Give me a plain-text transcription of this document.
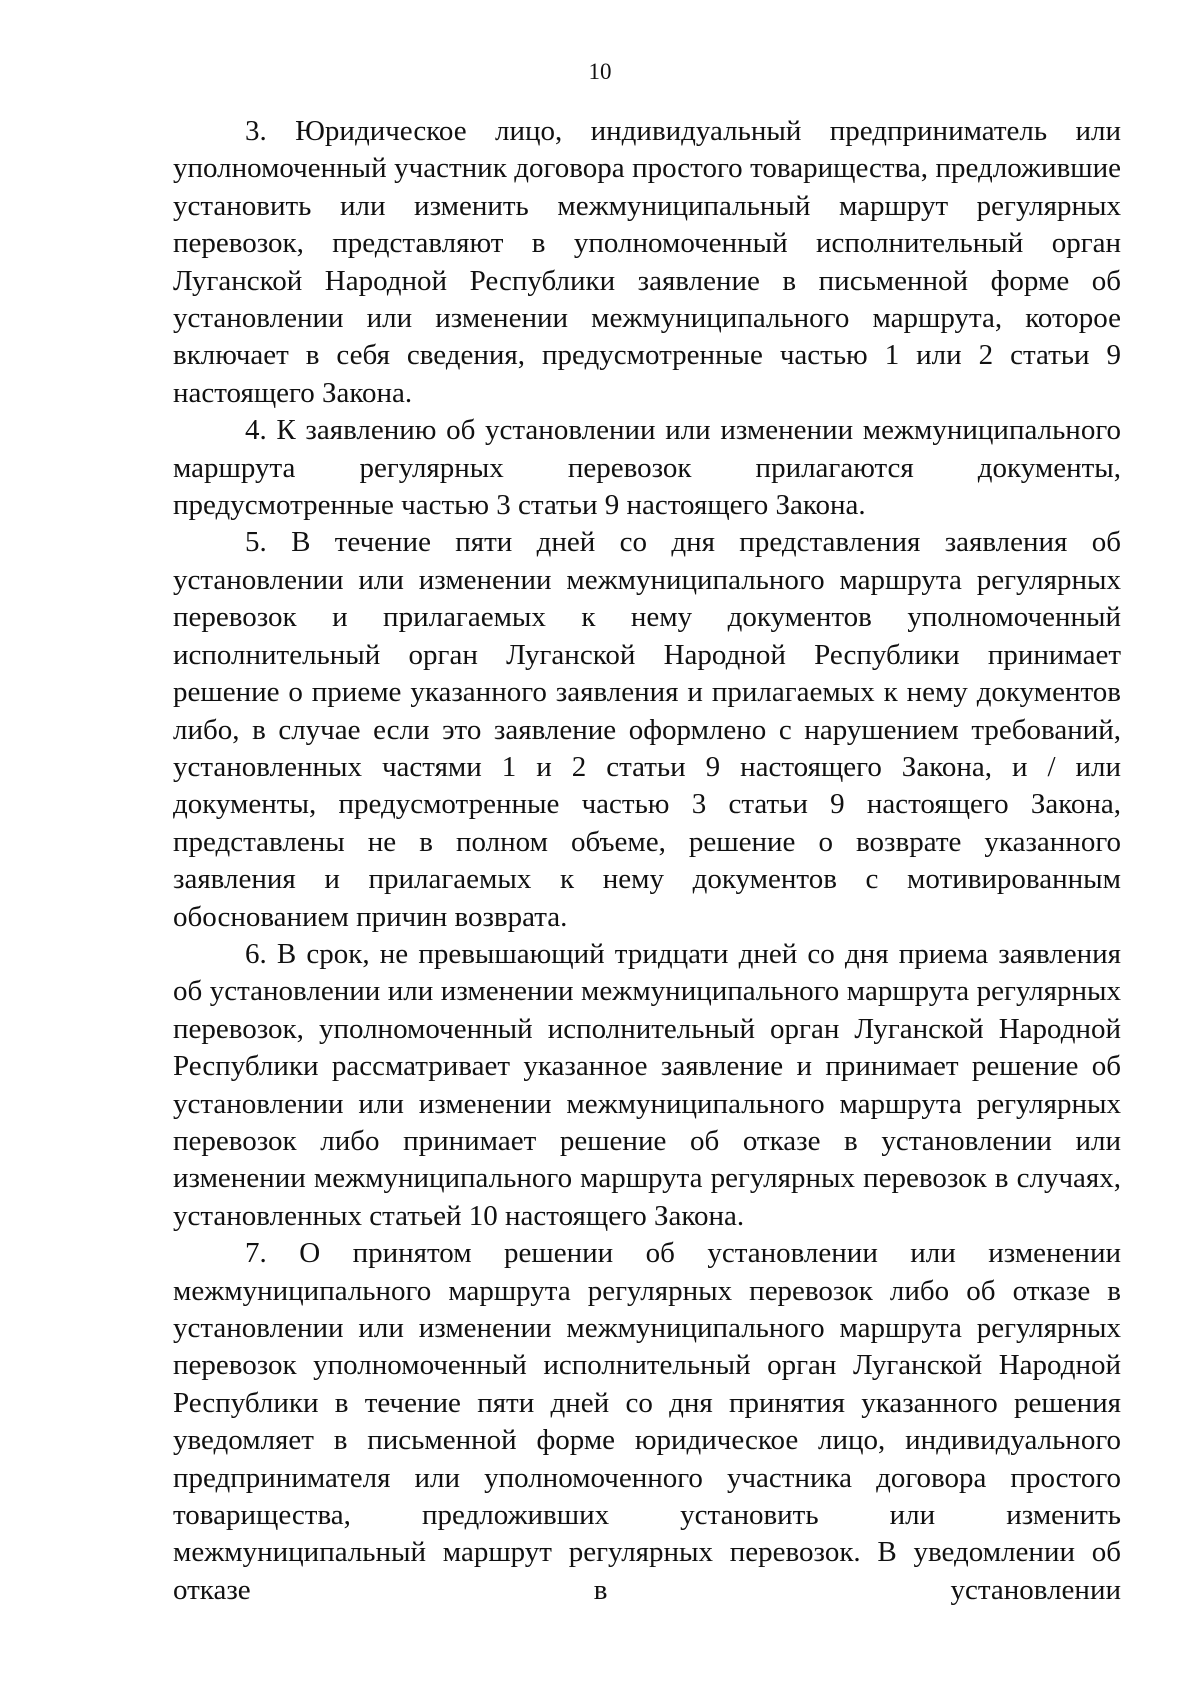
10

3. Юридическое лицо, индивидуальный предприниматель или уполномоченный участник договора простого товарищества, предложившие установить или изменить межмуниципальный маршрут регулярных перевозок, представляют в уполномоченный исполнительный орган Луганской Народной Республики заявление в письменной форме об установлении или изменении межмуниципального маршрута, которое включает в себя сведения, предусмотренные частью 1 или 2 статьи 9 настоящего Закона.

4. К заявлению об установлении или изменении межмуниципального маршрута регулярных перевозок прилагаются документы, предусмотренные частью 3 статьи 9 настоящего Закона.

5. В течение пяти дней со дня представления заявления об установлении или изменении межмуниципального маршрута регулярных перевозок и прилагаемых к нему документов уполномоченный исполнительный орган Луганской Народной Республики принимает решение о приеме указанного заявления и прилагаемых к нему документов либо, в случае если это заявление оформлено с нарушением требований, установленных частями 1 и 2 статьи 9 настоящего Закона, и / или документы, предусмотренные частью 3 статьи 9 настоящего Закона, представлены не в полном объеме, решение о возврате указанного заявления и прилагаемых к нему документов с мотивированным обоснованием причин возврата.

6. В срок, не превышающий тридцати дней со дня приема заявления об установлении или изменении межмуниципального маршрута регулярных перевозок, уполномоченный исполнительный орган Луганской Народной Республики рассматривает указанное заявление и принимает решение об установлении или изменении межмуниципального маршрута регулярных перевозок либо принимает решение об отказе в установлении или изменении межмуниципального маршрута регулярных перевозок в случаях, установленных статьей 10 настоящего Закона.

7. О принятом решении об установлении или изменении межмуниципального маршрута регулярных перевозок либо об отказе в установлении или изменении межмуниципального маршрута регулярных перевозок уполномоченный исполнительный орган Луганской Народной Республики в течение пяти дней со дня принятия указанного решения уведомляет в письменной форме юридическое лицо, индивидуального предпринимателя или уполномоченного участника договора простого товарищества, предложивших установить или изменить межмуниципальный маршрут регулярных перевозок. В уведомлении об отказе в установлении
